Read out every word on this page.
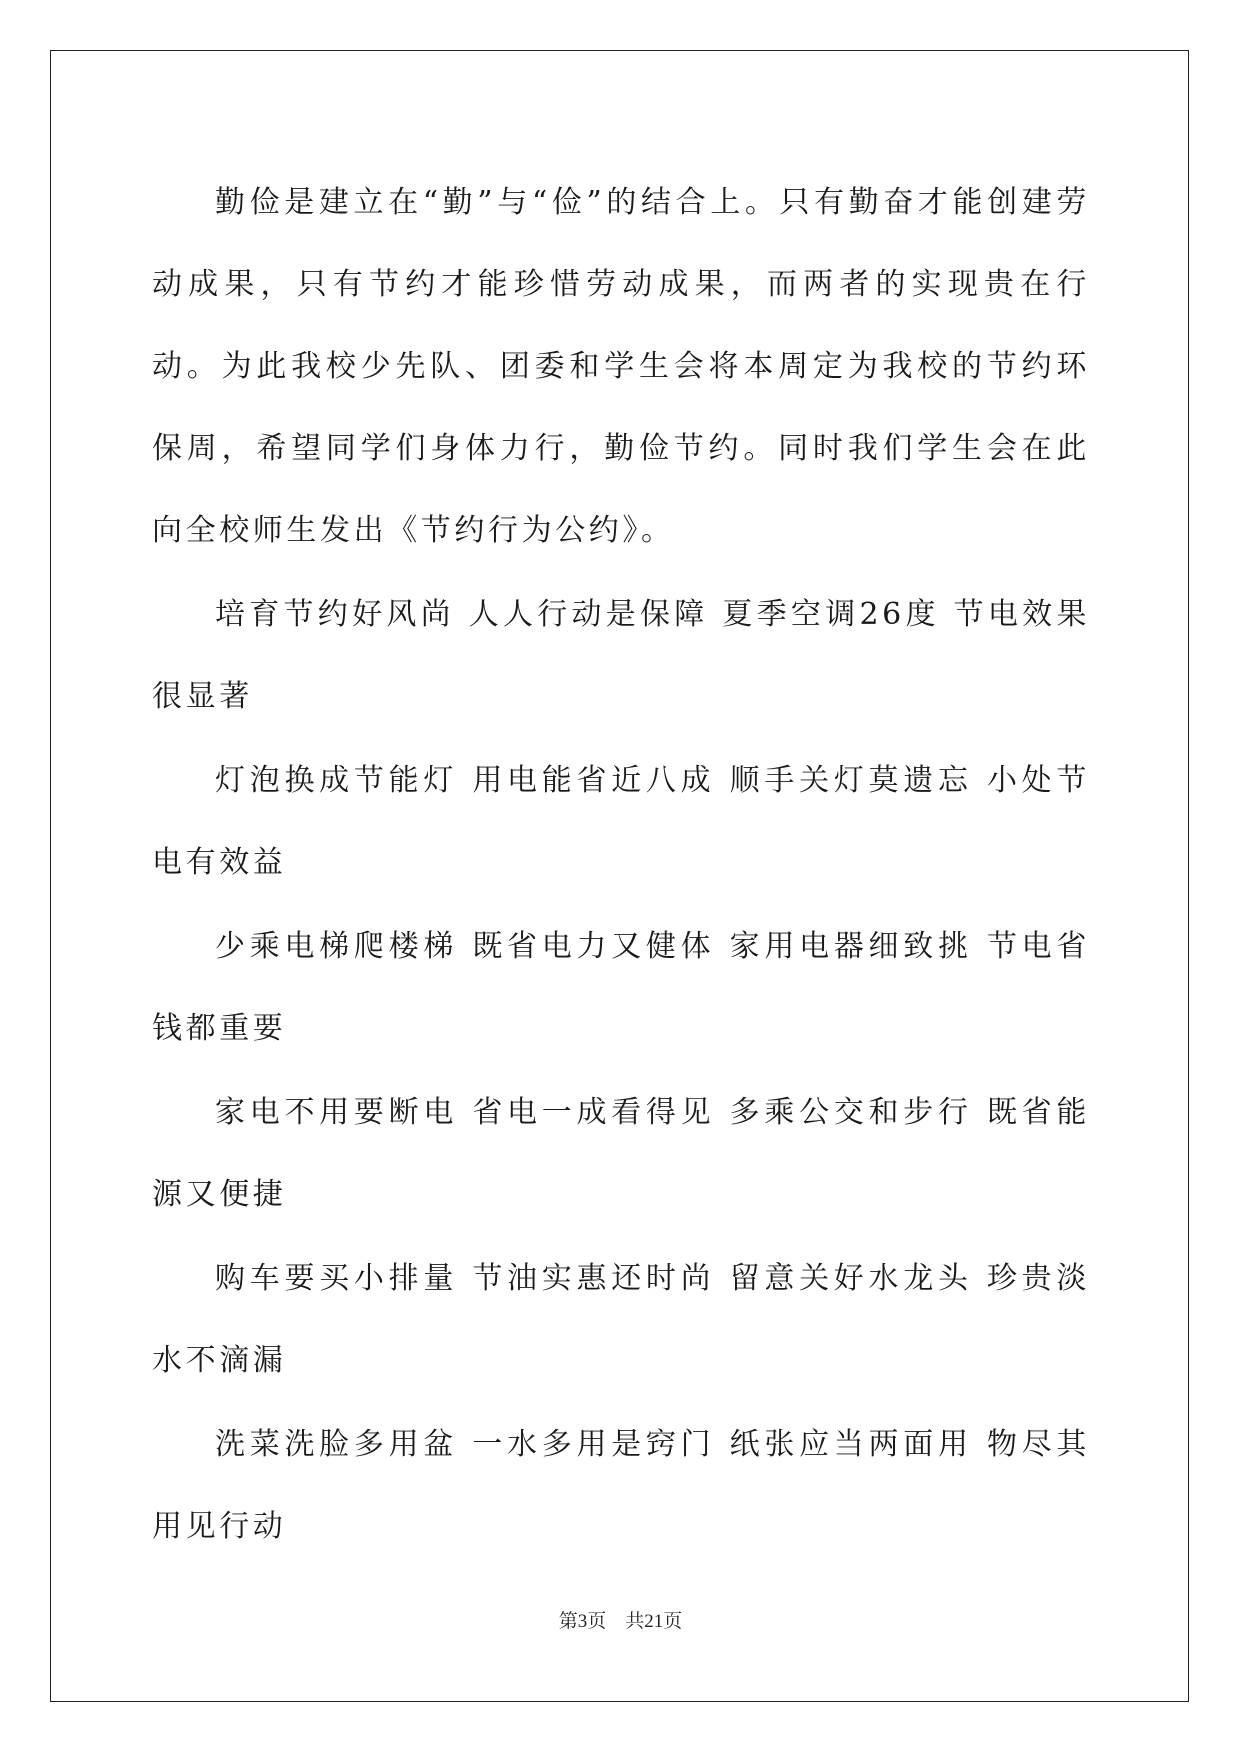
勤俭是建立在“勤”与“俭”的结合上。只有勤奋才能创建劳动成果，只有节约才能珍惜劳动成果，而两者的实现贵在行动。为此我校少先队、团委和学生会将本周定为我校的节约环保周，希望同学们身体力行，勤俭节约。同时我们学生会在此向全校师生发出《节约行为公约》。

培育节约好风尚 人人行动是保障 夏季空调26度 节电效果很显著

灯泡换成节能灯 用电能省近八成 顺手关灯莫遗忘 小处节电有效益

少乘电梯爬楼梯 既省电力又健体 家用电器细致挑 节电省钱都重要

家电不用要断电 省电一成看得见 多乘公交和步行 既省能源又便捷

购车要买小排量 节油实惠还时尚 留意关好水龙头 珍贵淡水不滴漏

洗菜洗脸多用盆 一水多用是窍门 纸张应当两面用 物尽其用见行动

第3页    共21页
